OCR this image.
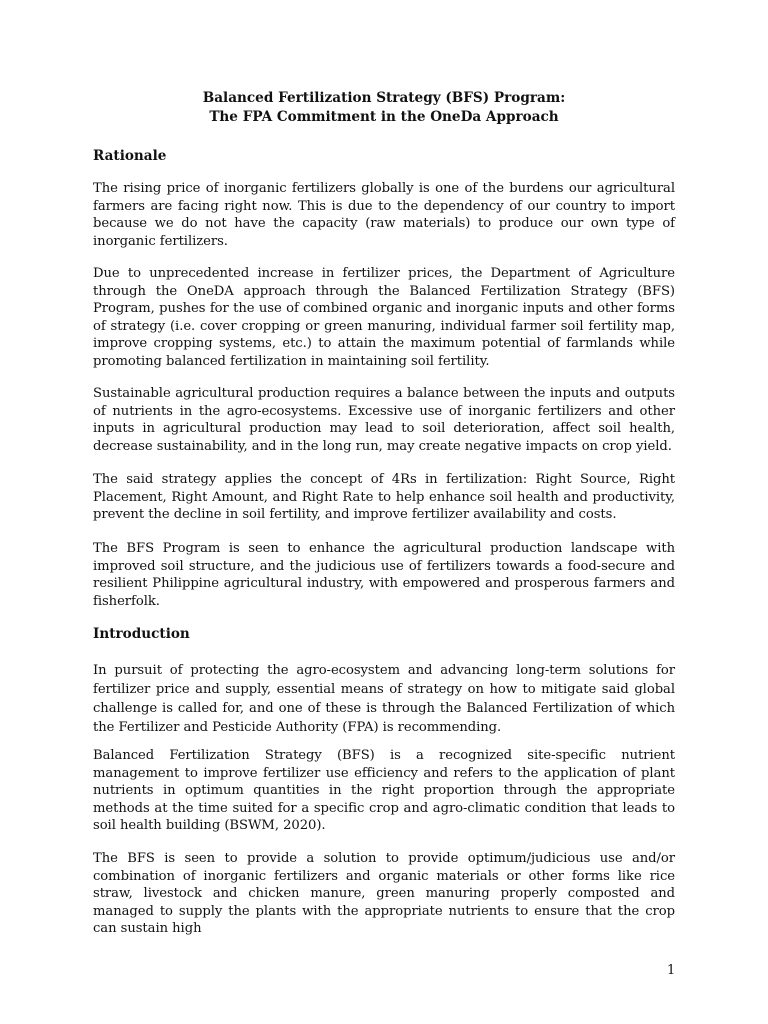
Balanced Fertilization Strategy (BFS) Program:

The FPA Commitment in the OneDa Approach

Rationale

The rising price of inorganic fertilizers globally is one of the burdens our agricultural farmers are facing right now. This is due to the dependency of our country to import because we do not have the capacity (raw materials) to produce our own type of inorganic fertilizers.

Due to unprecedented increase in fertilizer prices, the Department of Agriculture through the OneDA approach through the Balanced Fertilization Strategy (BFS) Program, pushes for the use of combined organic and inorganic inputs and other forms of strategy (i.e. cover cropping or green manuring, individual farmer soil fertility map, improve cropping systems, etc.) to attain the maximum potential of farmlands while promoting balanced fertilization in maintaining soil fertility.

Sustainable agricultural production requires a balance between the inputs and outputs of nutrients in the agro-ecosystems. Excessive use of inorganic fertilizers and other inputs in agricultural production may lead to soil deterioration, affect soil health, decrease sustainability, and in the long run, may create negative impacts on crop yield.

The said strategy applies the concept of 4Rs in fertilization: Right Source, Right Placement, Right Amount, and Right Rate to help enhance soil health and productivity, prevent the decline in soil fertility, and improve fertilizer availability and costs.

The BFS Program is seen to enhance the agricultural production landscape with improved soil structure, and the judicious use of fertilizers towards a food-secure and resilient Philippine agricultural industry, with empowered and prosperous farmers and fisherfolk.

Introduction

In pursuit of protecting the agro-ecosystem and advancing long-term solutions for fertilizer price and supply, essential means of strategy on how to mitigate said global challenge is called for, and one of these is through the Balanced Fertilization of which the Fertilizer and Pesticide Authority (FPA) is recommending.

Balanced Fertilization Strategy (BFS) is a recognized site-specific nutrient management to improve fertilizer use efficiency and refers to the application of plant nutrients in optimum quantities in the right proportion through the appropriate methods at the time suited for a specific crop and agro-climatic condition that leads to soil health building (BSWM, 2020).

The BFS is seen to provide a solution to provide optimum/judicious use and/or combination of inorganic fertilizers and organic materials or other forms like rice straw, livestock and chicken manure, green manuring properly composted and managed to supply the plants with the appropriate nutrients to ensure that the crop can sustain high

1
